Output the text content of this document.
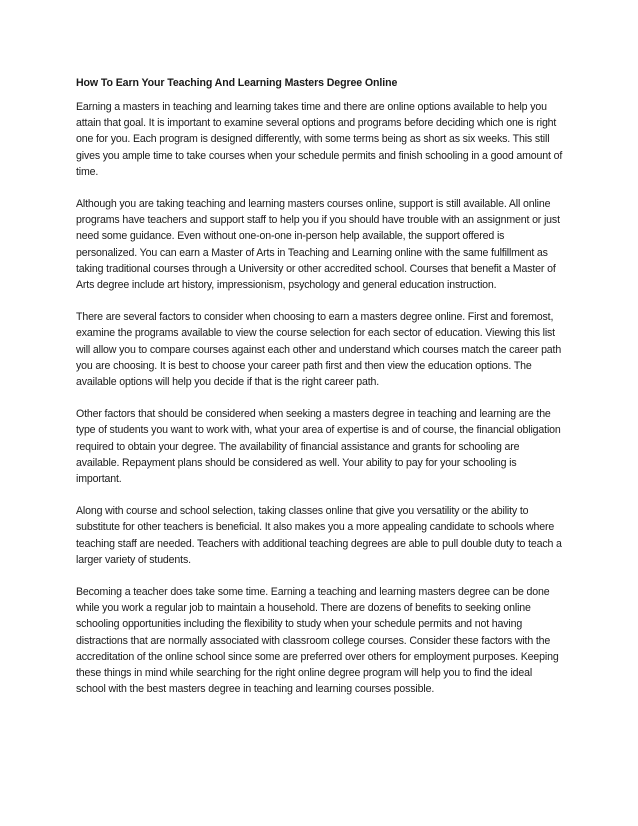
How To Earn Your Teaching And Learning Masters Degree Online

Earning a masters in teaching and learning takes time and there are online options available to help you attain that goal. It is important to examine several options and programs before deciding which one is right one for you. Each program is designed differently, with some terms being as short as six weeks. This still gives you ample time to take courses when your schedule permits and finish schooling in a good amount of time.

Although you are taking teaching and learning masters courses online, support is still available. All online programs have teachers and support staff to help you if you should have trouble with an assignment or just need some guidance. Even without one-on-one in-person help available, the support offered is personalized. You can earn a Master of Arts in Teaching and Learning online with the same fulfillment as taking traditional courses through a University or other accredited school. Courses that benefit a Master of Arts degree include art history, impressionism, psychology and general education instruction.

There are several factors to consider when choosing to earn a masters degree online. First and foremost, examine the programs available to view the course selection for each sector of education. Viewing this list will allow you to compare courses against each other and understand which courses match the career path you are choosing. It is best to choose your career path first and then view the education options. The available options will help you decide if that is the right career path.

Other factors that should be considered when seeking a masters degree in teaching and learning are the type of students you want to work with, what your area of expertise is and of course, the financial obligation required to obtain your degree. The availability of financial assistance and grants for schooling are available. Repayment plans should be considered as well. Your ability to pay for your schooling is important.

Along with course and school selection, taking classes online that give you versatility or the ability to substitute for other teachers is beneficial. It also makes you a more appealing candidate to schools where teaching staff are needed. Teachers with additional teaching degrees are able to pull double duty to teach a larger variety of students.

Becoming a teacher does take some time. Earning a teaching and learning masters degree can be done while you work a regular job to maintain a household. There are dozens of benefits to seeking online schooling opportunities including the flexibility to study when your schedule permits and not having distractions that are normally associated with classroom college courses. Consider these factors with the accreditation of the online school since some are preferred over others for employment purposes. Keeping these things in mind while searching for the right online degree program will help you to find the ideal school with the best masters degree in teaching and learning courses possible.
